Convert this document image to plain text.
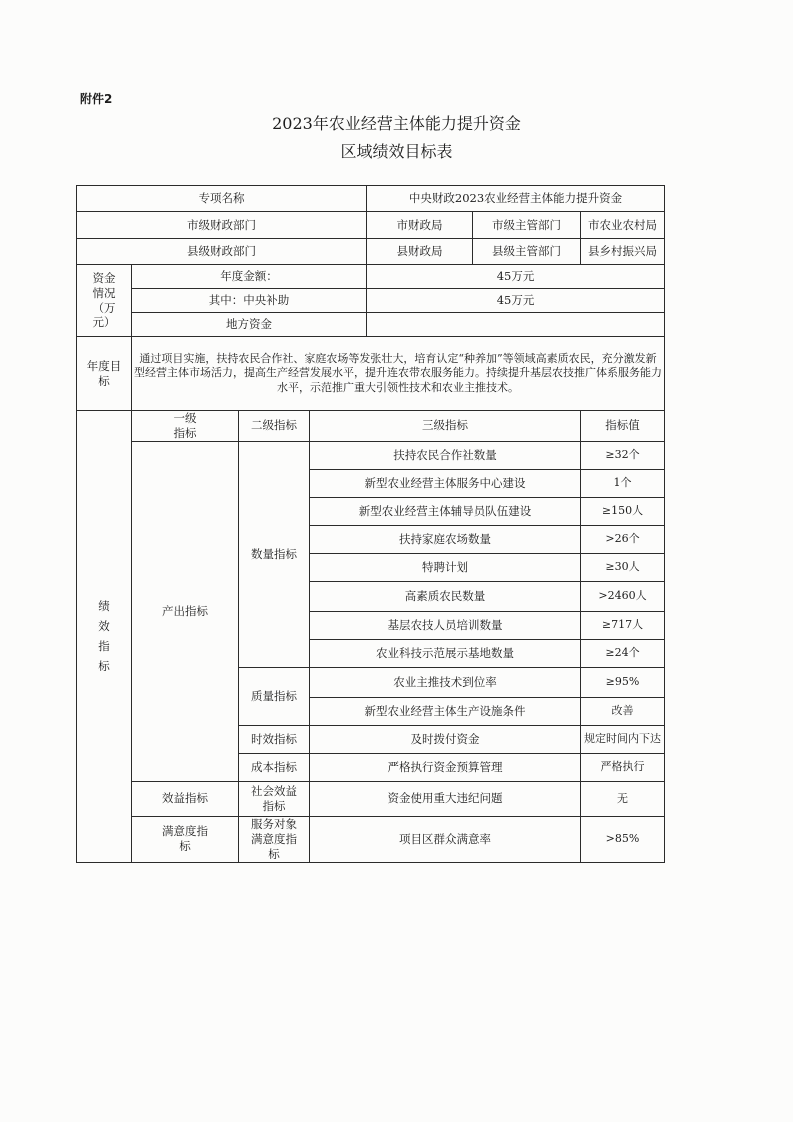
附件2
2023年农业经营主体能力提升资金
区域绩效目标表
专项名称				中央财政2023农业经营主体能力提升资金		
市级财政部门				市财政局	市级主管部门	市农业农村局
县级财政部门				县财政局	县级主管部门	县乡村振兴局
资金情况（万元）	年度金额：			45万元		
	其中：中央补助			45万元		
	地方资金					
年度目标	通过项目实施，扶持农民合作社、家庭农场等发张壮大，培育认定“种养加”等领域高素质农民，充分激发新型经营主体市场活力，提高生产经营发展水平，提升连农带农服务能力。持续提升基层农技推广体系服务能力水平，示范推广重大引领性技术和农业主推技术。					
绩效指标	一级指标	二级指标	三级指标			指标值
	产出指标	数量指标	扶持农民合作社数量			≥32个
			新型农业经营主体服务中心建设			1个
			新型农业经营主体辅导员队伍建设			≥150人
			扶持家庭农场数量			>26个
			特聘计划			≥30人
			高素质农民数量			>2460人
			基层农技人员培训数量			≥717人
			农业科技示范展示基地数量			≥24个
		质量指标	农业主推技术到位率			≥95%
			新型农业经营主体生产设施条件			改善
		时效指标	及时拨付资金			规定时间内下达
		成本指标	严格执行资金预算管理			严格执行
	效益指标	社会效益指标	资金使用重大违纪问题			无
	满意度指标	服务对象满意度指标	项目区群众满意率			>85%
